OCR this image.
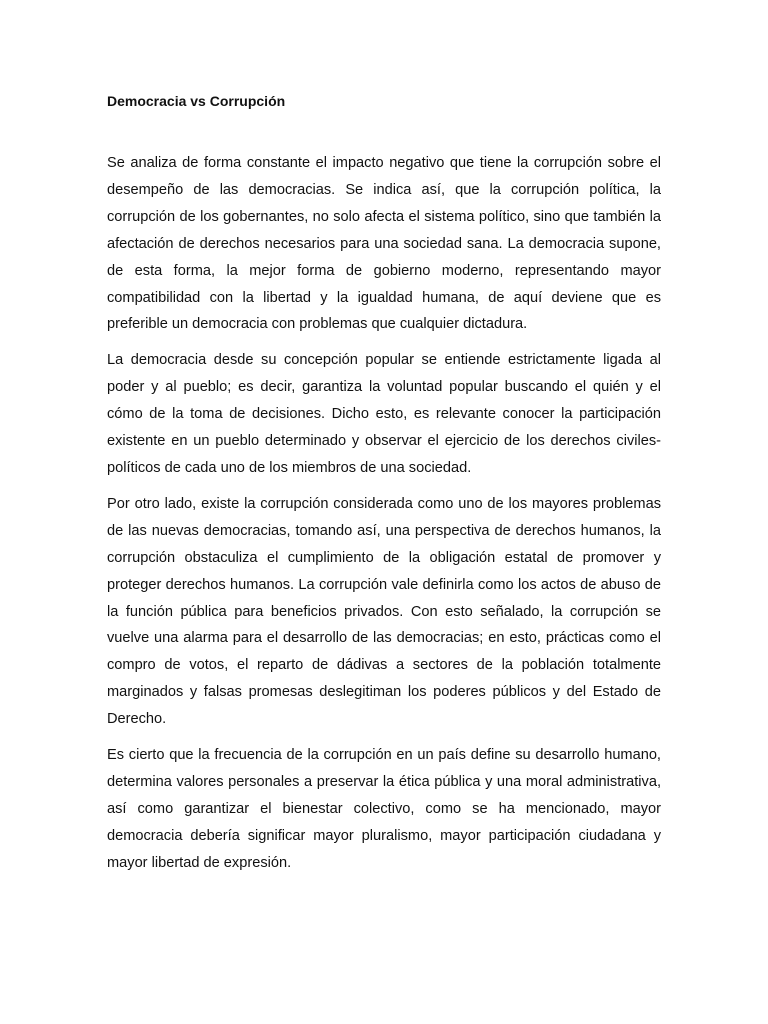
Democracia vs Corrupción

Se analiza de forma constante el impacto negativo que tiene la corrupción sobre el desempeño de las democracias. Se indica así, que la corrupción política, la corrupción de los gobernantes, no solo afecta el sistema político, sino que también la afectación de derechos necesarios para una sociedad sana. La democracia supone, de esta forma, la mejor forma de gobierno moderno, representando mayor compatibilidad con la libertad y la igualdad humana, de aquí deviene que es preferible un democracia con problemas que cualquier dictadura.

La democracia desde su concepción popular se entiende estrictamente ligada al poder y al pueblo; es decir, garantiza la voluntad popular buscando el quién y el cómo de la toma de decisiones. Dicho esto, es relevante conocer la participación existente en un pueblo determinado y observar el ejercicio de los derechos civiles-políticos de cada uno de los miembros de una sociedad.

Por otro lado, existe la corrupción considerada como uno de los mayores problemas de las nuevas democracias, tomando así, una perspectiva de derechos humanos, la corrupción obstaculiza el cumplimiento de la obligación estatal de promover y proteger derechos humanos. La corrupción vale definirla como los actos de abuso de la función pública para beneficios privados. Con esto señalado, la corrupción se vuelve una alarma para el desarrollo de las democracias; en esto, prácticas como el compro de votos, el reparto de dádivas a sectores de la población totalmente marginados y falsas promesas deslegitiman los poderes públicos y del Estado de Derecho.

Es cierto que la frecuencia de la corrupción en un país define su desarrollo humano, determina valores personales a preservar la ética pública y una moral administrativa, así como garantizar el bienestar colectivo, como se ha mencionado, mayor democracia debería significar mayor pluralismo, mayor participación ciudadana y mayor libertad de expresión.
